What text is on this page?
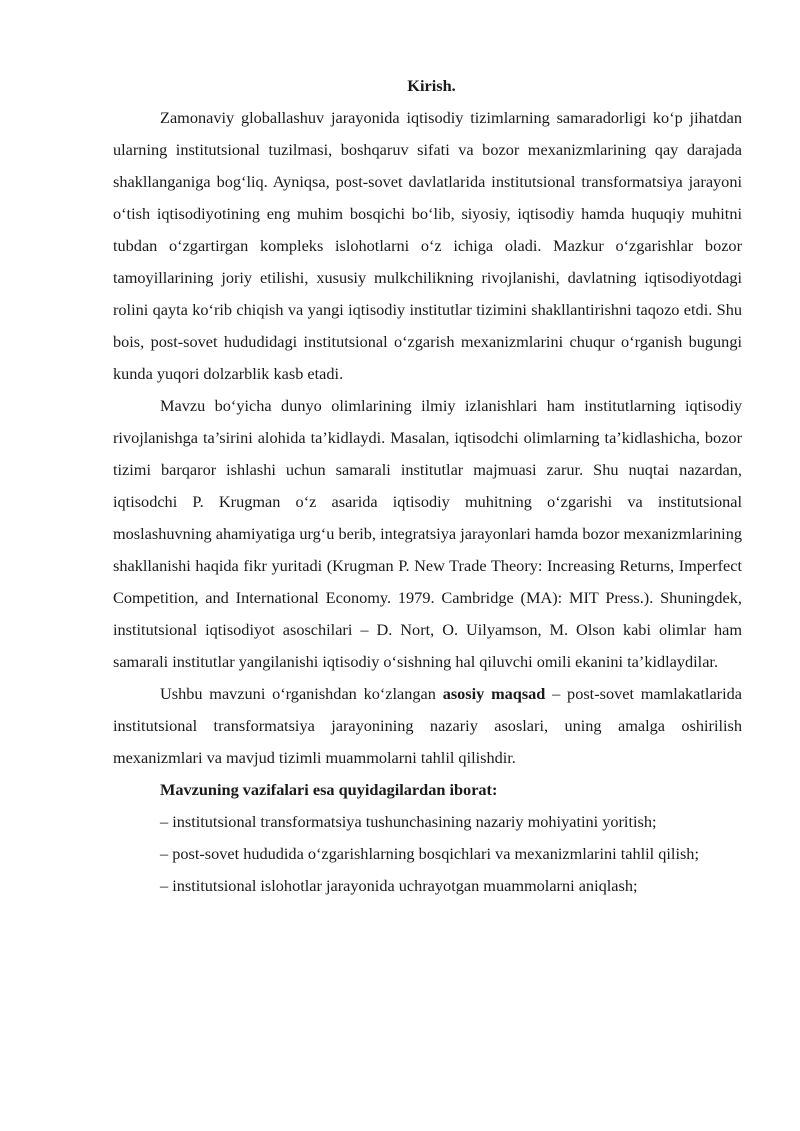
Kirish.

Zamonaviy globallashuv jarayonida iqtisodiy tizimlarning samaradorligi ko‘p jihatdan ularning institutsional tuzilmasi, boshqaruv sifati va bozor mexanizmlarining qay darajada shakllanganiga bog‘liq. Ayniqsa, post-sovet davlatlarida institutsional transformatsiya jarayoni o‘tish iqtisodiyotining eng muhim bosqichi bo‘lib, siyosiy, iqtisodiy hamda huquqiy muhitni tubdan o‘zgartirgan kompleks islohotlarni o‘z ichiga oladi. Mazkur o‘zgarishlar bozor tamoyillarining joriy etilishi, xususiy mulkchilikning rivojlanishi, davlatning iqtisodiyotdagi rolini qayta ko‘rib chiqish va yangi iqtisodiy institutlar tizimini shakllantirishni taqozo etdi. Shu bois, post-sovet hududidagi institutsional o‘zgarish mexanizmlarini chuqur o‘rganish bugungi kunda yuqori dolzarblik kasb etadi.

Mavzu bo‘yicha dunyo olimlarining ilmiy izlanishlari ham institutlarning iqtisodiy rivojlanishga ta’sirini alohida ta’kidlaydi. Masalan, iqtisodchi olimlarning ta’kidlashicha, bozor tizimi barqaror ishlashi uchun samarali institutlar majmuasi zarur. Shu nuqtai nazardan, iqtisodchi P. Krugman o‘z asarida iqtisodiy muhitning o‘zgarishi va institutsional moslashuvning ahamiyatiga urg‘u berib, integratsiya jarayonlari hamda bozor mexanizmlarining shakllanishi haqida fikr yuritadi (Krugman P. New Trade Theory: Increasing Returns, Imperfect Competition, and International Economy. 1979. Cambridge (MA): MIT Press.). Shuningdek, institutsional iqtisodiyot asoschilari – D. Nort, O. Uilyamson, M. Olson kabi olimlar ham samarali institutlar yangilanishi iqtisodiy o‘sishning hal qiluvchi omili ekanini ta’kidlaydilar.

Ushbu mavzuni o‘rganishdan ko‘zlangan asosiy maqsad – post-sovet mamlakatlarida institutsional transformatsiya jarayonining nazariy asoslari, uning amalga oshirilish mexanizmlari va mavjud tizimli muammolarni tahlil qilishdir.

Mavzuning vazifalari esa quyidagilardan iborat:

– institutsional transformatsiya tushunchasining nazariy mohiyatini yoritish;

– post-sovet hududida o‘zgarishlarning bosqichlari va mexanizmlarini tahlil qilish;

– institutsional islohotlar jarayonida uchrayotgan muammolarni aniqlash;
